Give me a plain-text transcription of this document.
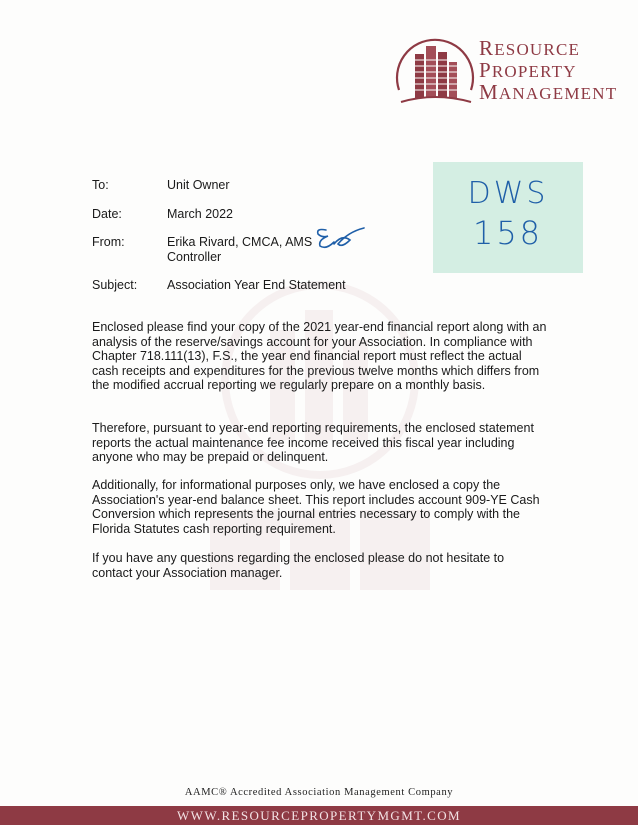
RESOURCE
PROPERTY
MANAGEMENT
DWS
158
To:	Unit Owner
Date:	March 2022
From:	Erika Rivard, CMCA, AMS
Controller
Subject: Association Year End Statement
Enclosed please find your copy of the 2021 year-end financial report along with an analysis of the reserve/savings account for your Association. In compliance with Chapter 718.111(13), F.S., the year end financial report must reflect the actual cash receipts and expenditures for the previous twelve months which differs from the modified accrual reporting we regularly prepare on a monthly basis.
Therefore, pursuant to year-end reporting requirements, the enclosed statement reports the actual maintenance fee income received this fiscal year including anyone who may be prepaid or delinquent.
Additionally, for informational purposes only, we have enclosed a copy the Association's year-end balance sheet. This report includes account 909-YE Cash Conversion which represents the journal entries necessary to comply with the Florida Statutes cash reporting requirement.
If you have any questions regarding the enclosed please do not hesitate to contact your Association manager.
AAMC® Accredited Association Management Company
WWW.RESOURCEPROPERTYMGMT.COM
